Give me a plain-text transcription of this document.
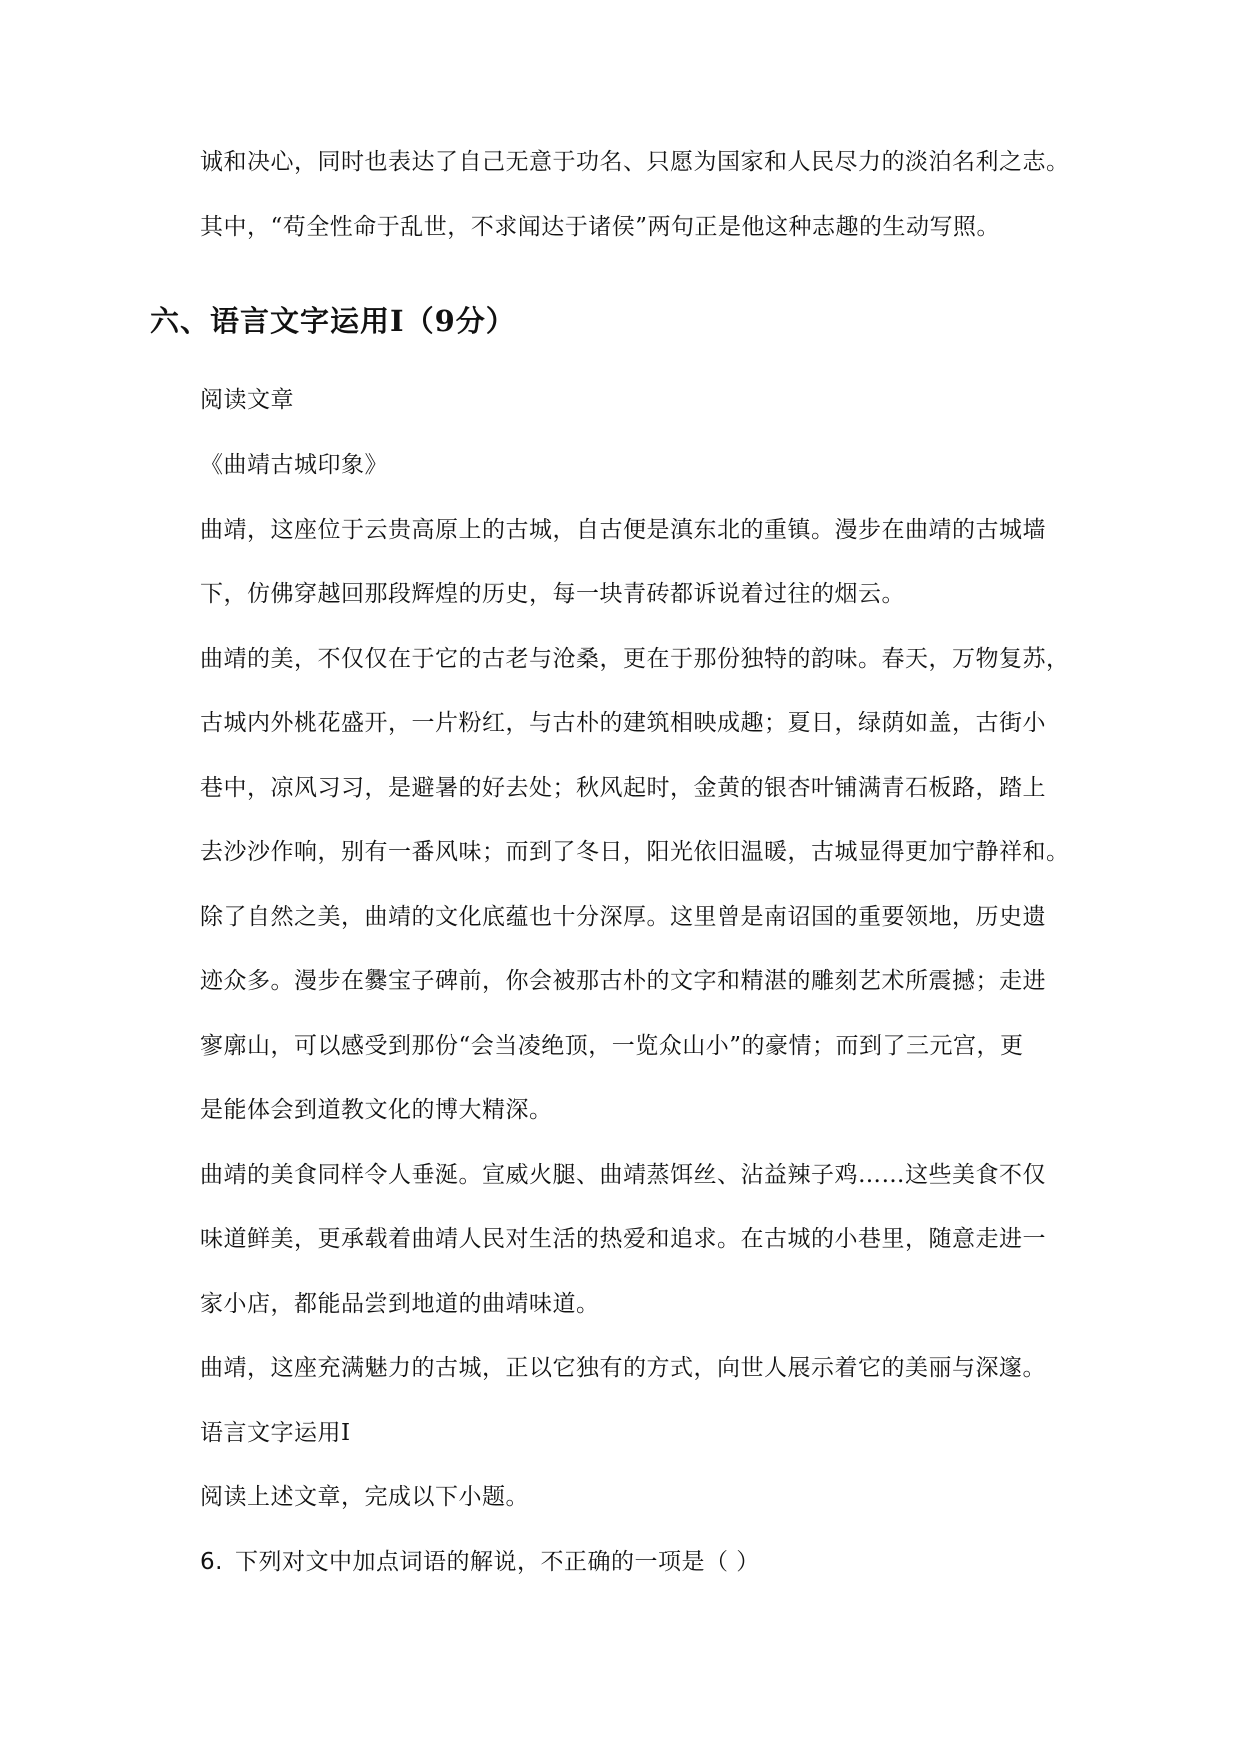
诚和决心，同时也表达了自己无意于功名、只愿为国家和人民尽力的淡泊名利之志。
其中，“苟全性命于乱世，不求闻达于诸侯”两句正是他这种志趣的生动写照。
六、语言文字运用Ⅰ（9分）
阅读文章
《曲靖古城印象》
曲靖，这座位于云贵高原上的古城，自古便是滇东北的重镇。漫步在曲靖的古城墙
下，仿佛穿越回那段辉煌的历史，每一块青砖都诉说着过往的烟云。
曲靖的美，不仅仅在于它的古老与沧桑，更在于那份独特的韵味。春天，万物复苏，
古城内外桃花盛开，一片粉红，与古朴的建筑相映成趣；夏日，绿荫如盖，古街小
巷中，凉风习习，是避暑的好去处；秋风起时，金黄的银杏叶铺满青石板路，踏上
去沙沙作响，别有一番风味；而到了冬日，阳光依旧温暖，古城显得更加宁静祥和。
除了自然之美，曲靖的文化底蕴也十分深厚。这里曾是南诏国的重要领地，历史遗
迹众多。漫步在爨宝子碑前，你会被那古朴的文字和精湛的雕刻艺术所震撼；走进
寥廓山，可以感受到那份“会当凌绝顶，一览众山小”的豪情；而到了三元宫，更
是能体会到道教文化的博大精深。
曲靖的美食同样令人垂涎。宣威火腿、曲靖蒸饵丝、沾益辣子鸡……这些美食不仅
味道鲜美，更承载着曲靖人民对生活的热爱和追求。在古城的小巷里，随意走进一
家小店，都能品尝到地道的曲靖味道。
曲靖，这座充满魅力的古城，正以它独有的方式，向世人展示着它的美丽与深邃。
语言文字运用Ⅰ
阅读上述文章，完成以下小题。
6. 下列对文中加点词语的解说，不正确的一项是（ ）
